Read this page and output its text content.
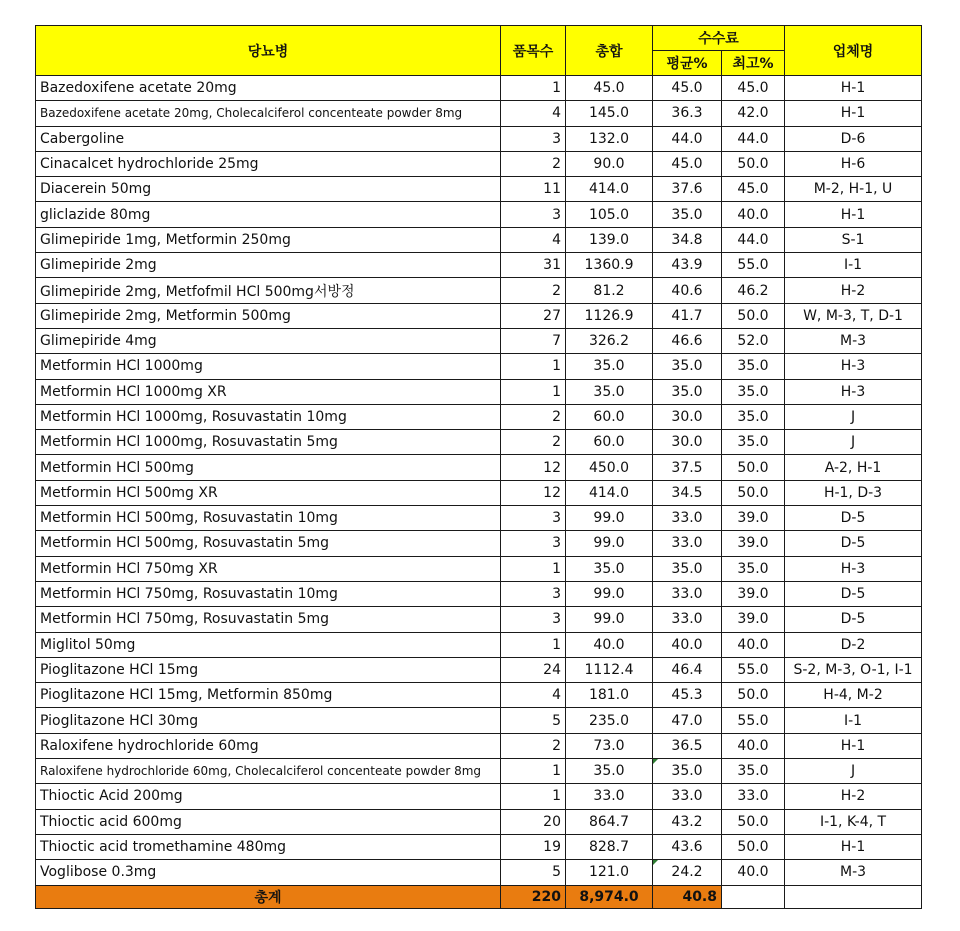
당뇨병	품목수	총합	수수료		업체명
			평균%	최고%	
Bazedoxifene acetate 20mg	1	45.0	45.0	45.0	H-1
Bazedoxifene acetate 20mg, Cholecalciferol concenteate powder 8mg	4	145.0	36.3	42.0	H-1
Cabergoline	3	132.0	44.0	44.0	D-6
Cinacalcet hydrochloride 25mg	2	90.0	45.0	50.0	H-6
Diacerein 50mg	11	414.0	37.6	45.0	M-2, H-1, U
gliclazide 80mg	3	105.0	35.0	40.0	H-1
Glimepiride 1mg, Metformin 250mg	4	139.0	34.8	44.0	S-1
Glimepiride 2mg	31	1360.9	43.9	55.0	I-1
Glimepiride 2mg, Metfofmil HCl 500mg서방정	2	81.2	40.6	46.2	H-2
Glimepiride 2mg, Metformin 500mg	27	1126.9	41.7	50.0	W, M-3, T, D-1
Glimepiride 4mg	7	326.2	46.6	52.0	M-3
Metformin HCl 1000mg	1	35.0	35.0	35.0	H-3
Metformin HCl 1000mg XR	1	35.0	35.0	35.0	H-3
Metformin HCl 1000mg, Rosuvastatin 10mg	2	60.0	30.0	35.0	J
Metformin HCl 1000mg, Rosuvastatin 5mg	2	60.0	30.0	35.0	J
Metformin HCl 500mg	12	450.0	37.5	50.0	A-2, H-1
Metformin HCl 500mg XR	12	414.0	34.5	50.0	H-1, D-3
Metformin HCl 500mg, Rosuvastatin 10mg	3	99.0	33.0	39.0	D-5
Metformin HCl 500mg, Rosuvastatin 5mg	3	99.0	33.0	39.0	D-5
Metformin HCl 750mg XR	1	35.0	35.0	35.0	H-3
Metformin HCl 750mg, Rosuvastatin 10mg	3	99.0	33.0	39.0	D-5
Metformin HCl 750mg, Rosuvastatin 5mg	3	99.0	33.0	39.0	D-5
Miglitol 50mg	1	40.0	40.0	40.0	D-2
Pioglitazone HCl 15mg	24	1112.4	46.4	55.0	S-2, M-3, O-1, I-1
Pioglitazone HCl 15mg, Metformin 850mg	4	181.0	45.3	50.0	H-4, M-2
Pioglitazone HCl 30mg	5	235.0	47.0	55.0	I-1
Raloxifene hydrochloride 60mg	2	73.0	36.5	40.0	H-1
Raloxifene hydrochloride 60mg, Cholecalciferol concenteate powder 8mg	1	35.0	35.0	35.0	J
Thioctic Acid 200mg	1	33.0	33.0	33.0	H-2
Thioctic acid 600mg	20	864.7	43.2	50.0	I-1, K-4, T
Thioctic acid tromethamine 480mg	19	828.7	43.6	50.0	H-1
Voglibose 0.3mg	5	121.0	24.2	40.0	M-3
총계	220	8,974.0	40.8		
